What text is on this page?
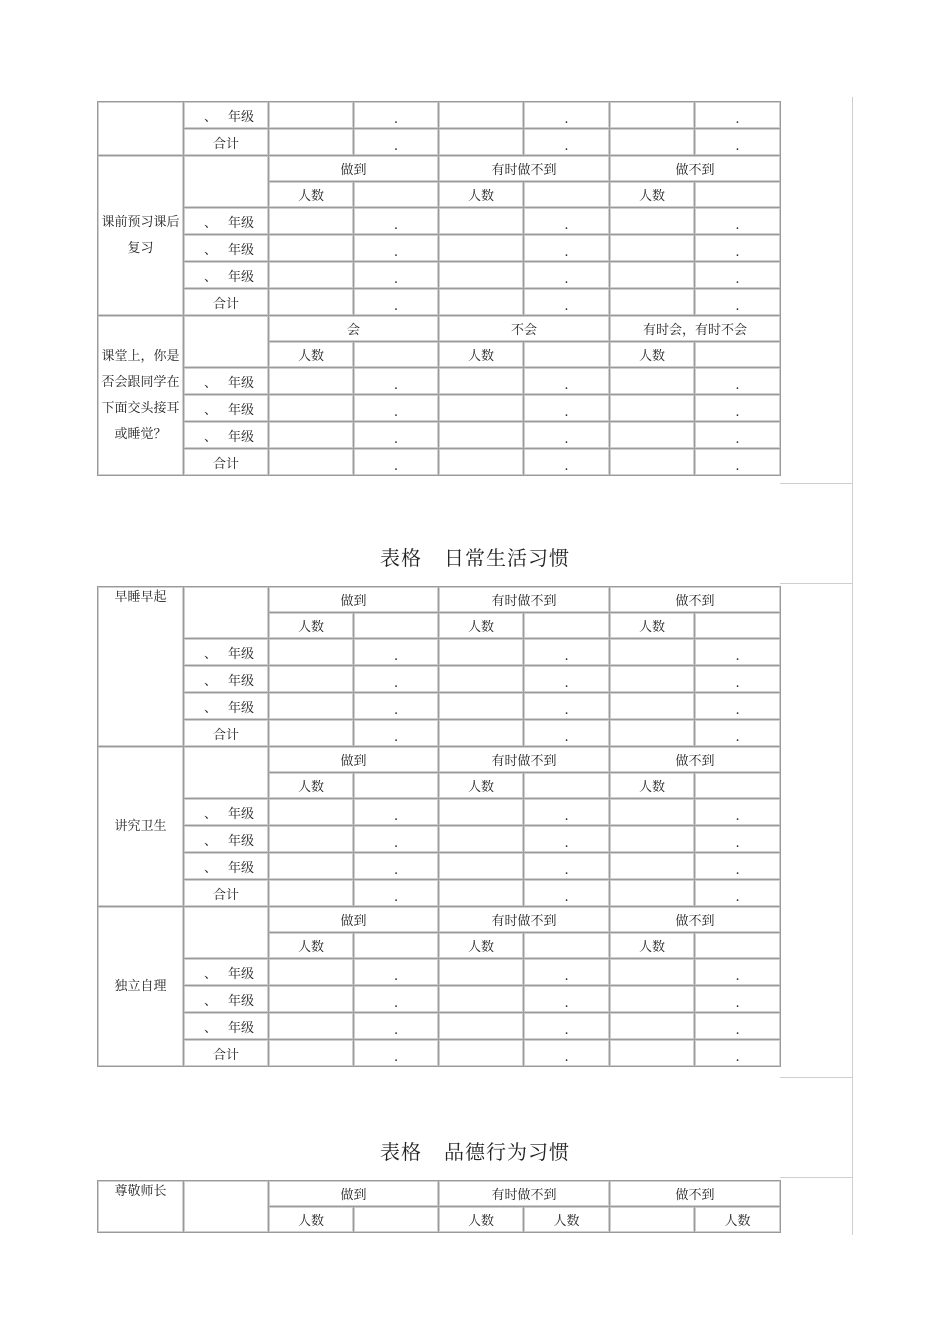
	、 年级		.		.		.
	合计		.		.		.
课前预习课后复习		做到		有时做不到		做不到	
		人数		人数		人数	
	、 年级		.		.		.
	、 年级		.		.		.
	、 年级		.		.		.
	合计		.		.		.
课堂上，你是否会跟同学在下面交头接耳或睡觉？		会		不会		有时会，有时不会	
		人数		人数		人数	
	、 年级		.		.		.
	、 年级		.		.		.
	、 年级		.		.		.
	合计		.		.		.
表格 日常生活习惯
早睡早起		做到		有时做不到		做不到	
		人数		人数		人数	
	、 年级		.		.		.
	、 年级		.		.		.
	、 年级		.		.		.
	合计		.		.		.
讲究卫生		做到		有时做不到		做不到	
		人数		人数		人数	
	、 年级		.		.		.
	、 年级		.		.		.
	、 年级		.		.		.
	合计		.		.		.
独立自理		做到		有时做不到		做不到	
		人数		人数		人数	
	、 年级		.		.		.
	、 年级		.		.		.
	、 年级		.		.		.
	合计		.		.		.
表格 品德行为习惯
尊敬师长		做到		有时做不到		做不到	
		人数		人数	人数		人数
